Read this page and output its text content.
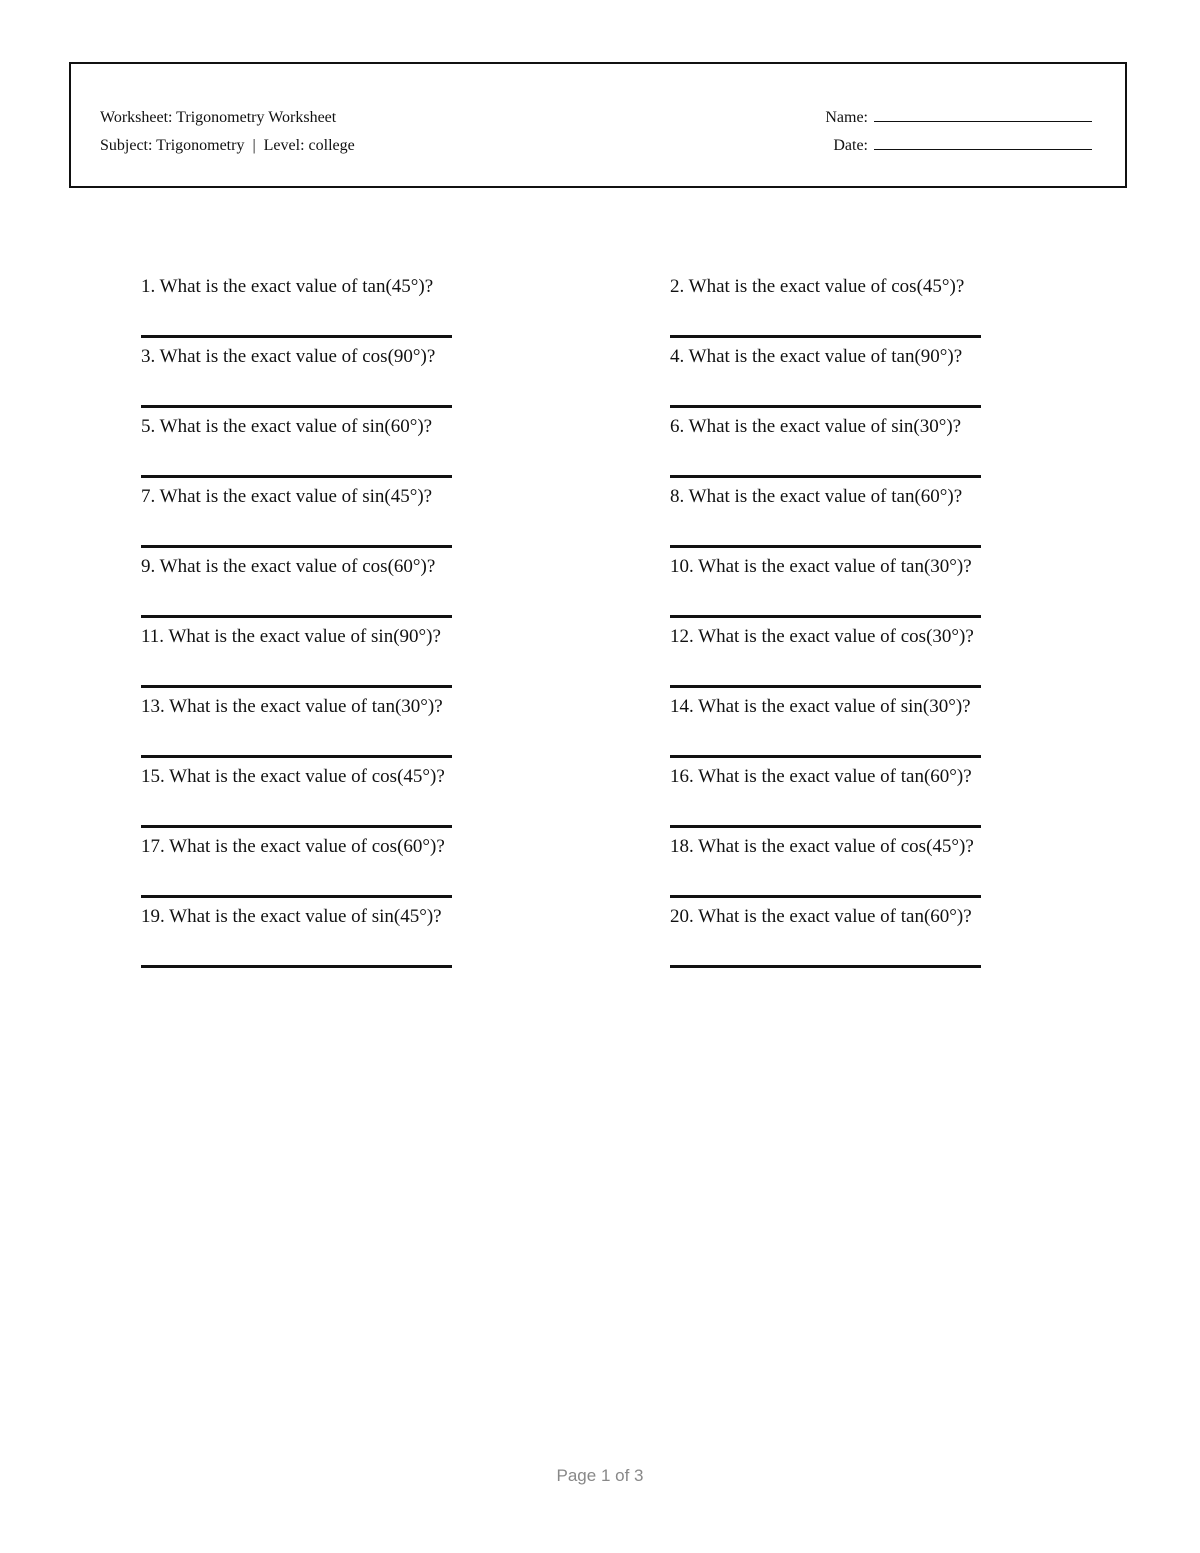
Worksheet: Trigonometry Worksheet
Subject: Trigonometry | Level: college
Name:
Date:
1. What is the exact value of tan(45°)?	2. What is the exact value of cos(45°)?
3. What is the exact value of cos(90°)?	4. What is the exact value of tan(90°)?
5. What is the exact value of sin(60°)?	6. What is the exact value of sin(30°)?
7. What is the exact value of sin(45°)?	8. What is the exact value of tan(60°)?
9. What is the exact value of cos(60°)?	10. What is the exact value of tan(30°)?
11. What is the exact value of sin(90°)?	12. What is the exact value of cos(30°)?
13. What is the exact value of tan(30°)?	14. What is the exact value of sin(30°)?
15. What is the exact value of cos(45°)?	16. What is the exact value of tan(60°)?
17. What is the exact value of cos(60°)?	18. What is the exact value of cos(45°)?
19. What is the exact value of sin(45°)?	20. What is the exact value of tan(60°)?
Page 1 of 3
